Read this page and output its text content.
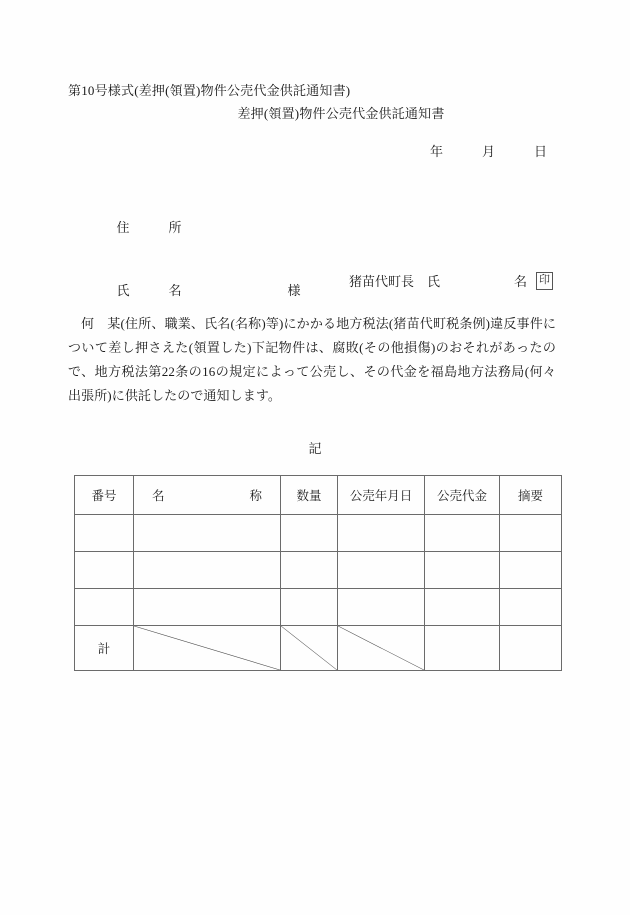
第10号様式(差押(領置)物件公売代金供託通知書)
差押(領置)物件公売代金供託通知書
年　　　月　　　日

住　　　所

氏　　　名	様

猪苗代町長　氏	名 印
何　某(住所、職業、氏名(名称)等)にかかる地方税法(猪苗代町税条例)違反事件について差し押さえた(領置した)下記物件は、腐敗(その他損傷)のおそれがあったので、地方税法第22条の16の規定によって公売し、その代金を福島地方法務局(何々出張所)に供託したので通知します。
記
番号	名 称	数量	公売年月日	公売代金	摘要

計	
